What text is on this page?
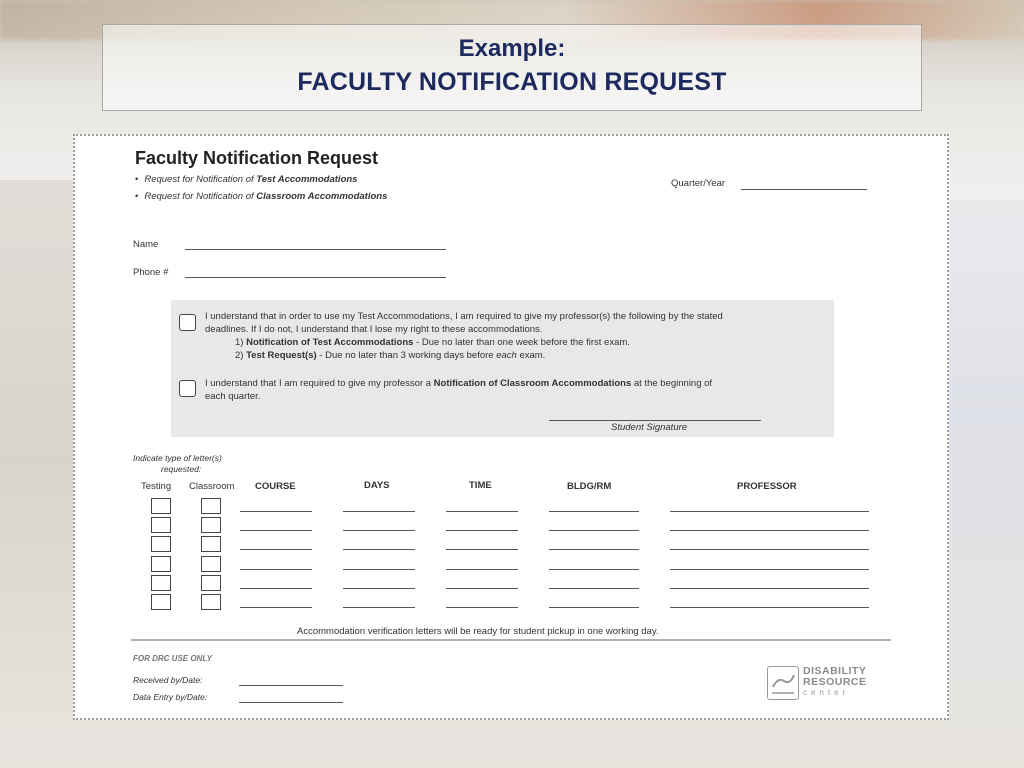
Example:
FACULTY NOTIFICATION REQUEST
Faculty Notification Request
• Request for Notification of Test Accommodations
• Request for Notification of Classroom Accommodations
Quarter/Year
Name
Phone #
I understand that in order to use my Test Accommodations, I am required to give my professor(s) the following by the stated
deadlines. If I do not, I understand that I lose my right to these accommodations.
1) Notification of Test Accommodations - Due no later than one week before the first exam.
2) Test Request(s) - Due no later than 3 working days before each exam.
I understand that I am required to give my professor a Notification of Classroom Accommodations at the beginning of
each quarter.
Student Signature
Indicate type of letter(s)
requested:
Testing Classroom COURSE	DAYS	TIME	BLDG/RM	PROFESSOR
Accommodation verification letters will be ready for student pickup in one working day.
FOR DRC USE ONLY
Received by/Date:
Data Entry by/Date:
DISABILITY
RESOURCE
center
